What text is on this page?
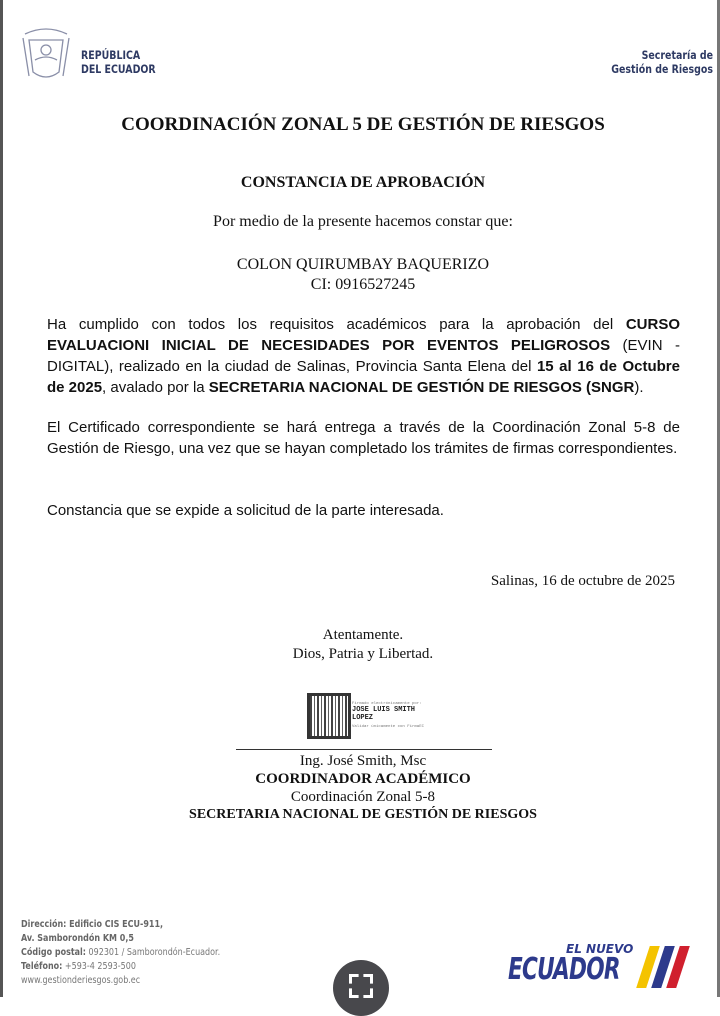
REPÚBLICA
DEL ECUADOR
Secretaría de
Gestión de Riesgos
COORDINACIÓN ZONAL 5 DE GESTIÓN DE RIESGOS
CONSTANCIA DE APROBACIÓN
Por medio de la presente hacemos constar que:
COLON QUIRUMBAY BAQUERIZO
CI: 0916527245
Ha cumplido con todos los requisitos académicos para la aprobación del CURSO EVALUACIONI INICIAL DE NECESIDADES POR EVENTOS PELIGROSOS (EVIN - DIGITAL), realizado en la ciudad de Salinas, Provincia Santa Elena del 15 al 16 de Octubre de 2025, avalado por la SECRETARIA NACIONAL DE GESTIÓN DE RIESGOS (SNGR).
El Certificado correspondiente se hará entrega a través de la Coordinación Zonal 5-8 de Gestión de Riesgo, una vez que se hayan completado los trámites de firmas correspondientes.
Constancia que se expide a solicitud de la parte interesada.
Salinas, 16 de octubre de 2025
Atentamente.
Dios, Patria y Libertad.
Firmado electrónicamente por:
JOSE LUIS SMITH LOPEZ
Validar únicamente con FirmaEC
Ing. José Smith, Msc
COORDINADOR ACADÉMICO
Coordinación Zonal 5-8
SECRETARIA NACIONAL DE GESTIÓN DE RIESGOS
Dirección: Edificio CIS ECU-911,
Av. Samborondón KM 0,5
Código postal: 092301 / Samborondón-Ecuador.
Teléfono: +593-4 2593-500
www.gestionderiesgos.gob.ec
EL NUEVO
ECUADOR
